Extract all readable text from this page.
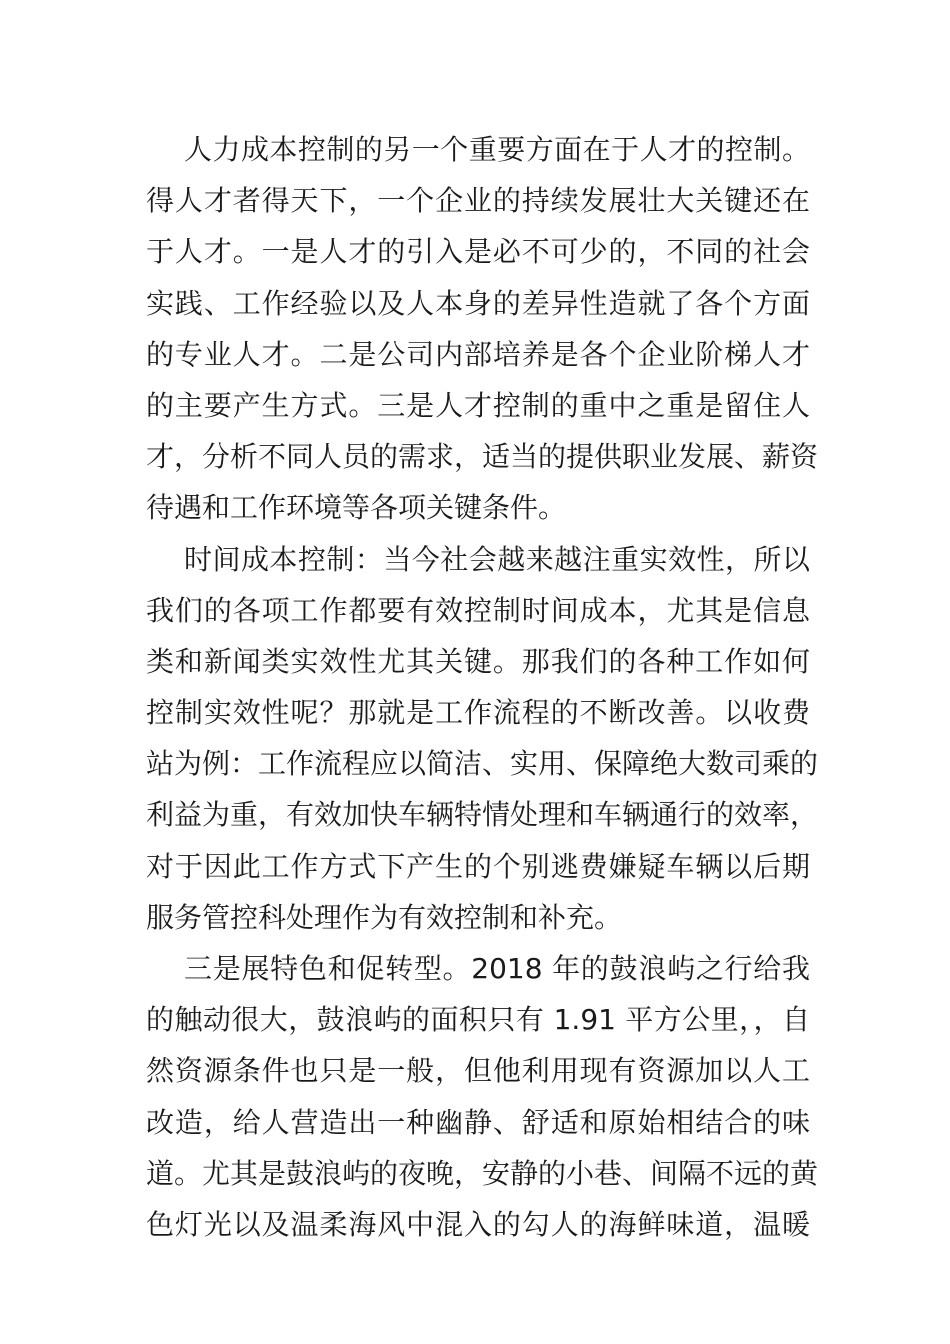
人力成本控制的另一个重要方面在于人才的控制。
得人才者得天下，一个企业的持续发展壮大关键还在
于人才。一是人才的引入是必不可少的，不同的社会
实践、工作经验以及人本身的差异性造就了各个方面
的专业人才。二是公司内部培养是各个企业阶梯人才
的主要产生方式。三是人才控制的重中之重是留住人
才，分析不同人员的需求，适当的提供职业发展、薪资
待遇和工作环境等各项关键条件。
时间成本控制：当今社会越来越注重实效性，所以
我们的各项工作都要有效控制时间成本，尤其是信息
类和新闻类实效性尤其关键。那我们的各种工作如何
控制实效性呢？那就是工作流程的不断改善。以收费
站为例：工作流程应以简洁、实用、保障绝大数司乘的
利益为重，有效加快车辆特情处理和车辆通行的效率，
对于因此工作方式下产生的个别逃费嫌疑车辆以后期
服务管控科处理作为有效控制和补充。
三是展特色和促转型。2018 年的鼓浪屿之行给我
的触动很大，鼓浪屿的面积只有 1.91 平方公里，，自
然资源条件也只是一般，但他利用现有资源加以人工
改造，给人营造出一种幽静、舒适和原始相结合的味
道。尤其是鼓浪屿的夜晚，安静的小巷、间隔不远的黄
色灯光以及温柔海风中混入的勾人的海鲜味道，温暖
